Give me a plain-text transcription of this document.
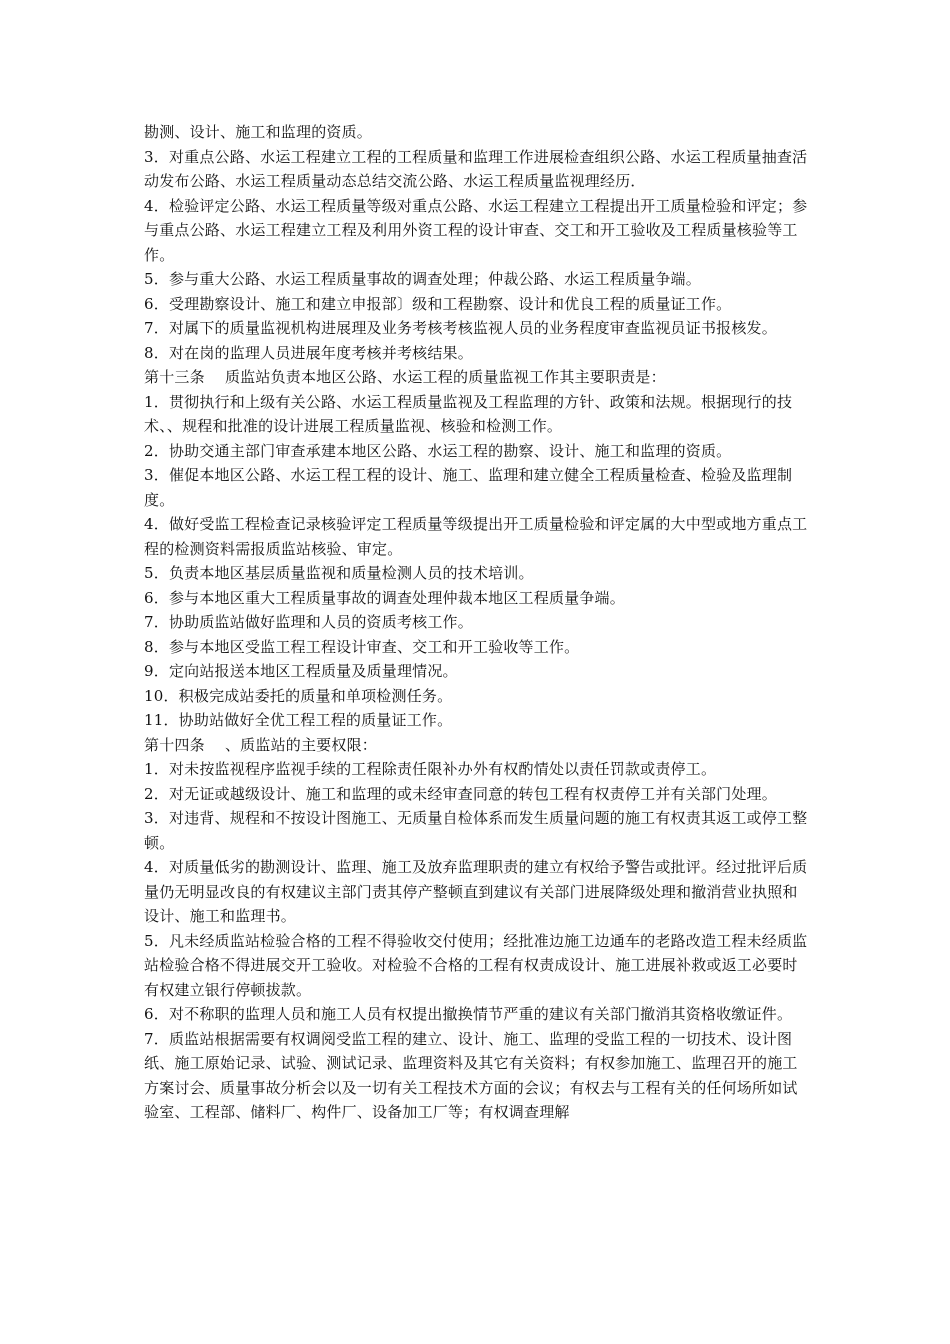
勘测、设计、施工和监理的资质。

3．对重点公路、水运工程建立工程的工程质量和监理工作进展检查组织公路、水运工程质量抽查活动发布公路、水运工程质量动态总结交流公路、水运工程质量监视理经历．

4．检验评定公路、水运工程质量等级对重点公路、水运工程建立工程提出开工质量检验和评定；参与重点公路、水运工程建立工程及利用外资工程的设计审查、交工和开工验收及工程质量核验等工作。

5．参与重大公路、水运工程质量事故的调查处理；仲裁公路、水运工程质量争端。

6．受理勘察设计、施工和建立申报部〕级和工程勘察、设计和优良工程的质量证工作。

7．对属下的质量监视机构进展理及业务考核考核监视人员的业务程度审查监视员证书报核发。

8．对在岗的监理人员进展年度考核并考核结果。

第十三条　 质监站负责本地区公路、水运工程的质量监视工作其主要职责是：

1．贯彻执行和上级有关公路、水运工程质量监视及工程监理的方针、政策和法规。根据现行的技术、、规程和批准的设计进展工程质量监视、核验和检测工作。

2．协助交通主部门审查承建本地区公路、水运工程的勘察、设计、施工和监理的资质。

3．催促本地区公路、水运工程工程的设计、施工、监理和建立健全工程质量检查、检验及监理制度。

4．做好受监工程检查记录核验评定工程质量等级提出开工质量检验和评定属的大中型或地方重点工程的检测资料需报质监站核验、审定。

5．负责本地区基层质量监视和质量检测人员的技术培训。

6．参与本地区重大工程质量事故的调查处理仲裁本地区工程质量争端。

7．协助质监站做好监理和人员的资质考核工作。

8．参与本地区受监工程工程设计审查、交工和开工验收等工作。

9．定向站报送本地区工程质量及质量理情况。

10．积极完成站委托的质量和单项检测任务。

11．协助站做好全优工程工程的质量证工作。

第十四条　 、质监站的主要权限：

1．对未按监视程序监视手续的工程除责任限补办外有权酌情处以责任罚款或责停工。

2．对无证或越级设计、施工和监理的或未经审查同意的转包工程有权责停工并有关部门处理。

3．对违背、规程和不按设计图施工、无质量自检体系而发生质量问题的施工有权责其返工或停工整顿。

4．对质量低劣的勘测设计、监理、施工及放弃监理职责的建立有权给予警告或批评。经过批评后质量仍无明显改良的有权建议主部门责其停产整顿直到建议有关部门进展降级处理和撤消营业执照和设计、施工和监理书。

5．凡未经质监站检验合格的工程不得验收交付使用；经批准边施工边通车的老路改造工程未经质监站检验合格不得进展交开工验收。对检验不合格的工程有权责成设计、施工进展补救或返工必要时有权建立银行停顿拔款。

6．对不称职的监理人员和施工人员有权提出撤换情节严重的建议有关部门撤消其资格收缴证件。

7．质监站根据需要有权调阅受监工程的建立、设计、施工、监理的受监工程的一切技术、设计图纸、施工原始记录、试验、测试记录、监理资料及其它有关资料；有权参加施工、监理召开的施工方案讨会、质量事故分析会以及一切有关工程技术方面的会议；有权去与工程有关的任何场所如试验室、工程部、储料厂、构件厂、设备加工厂等；有权调查理解
